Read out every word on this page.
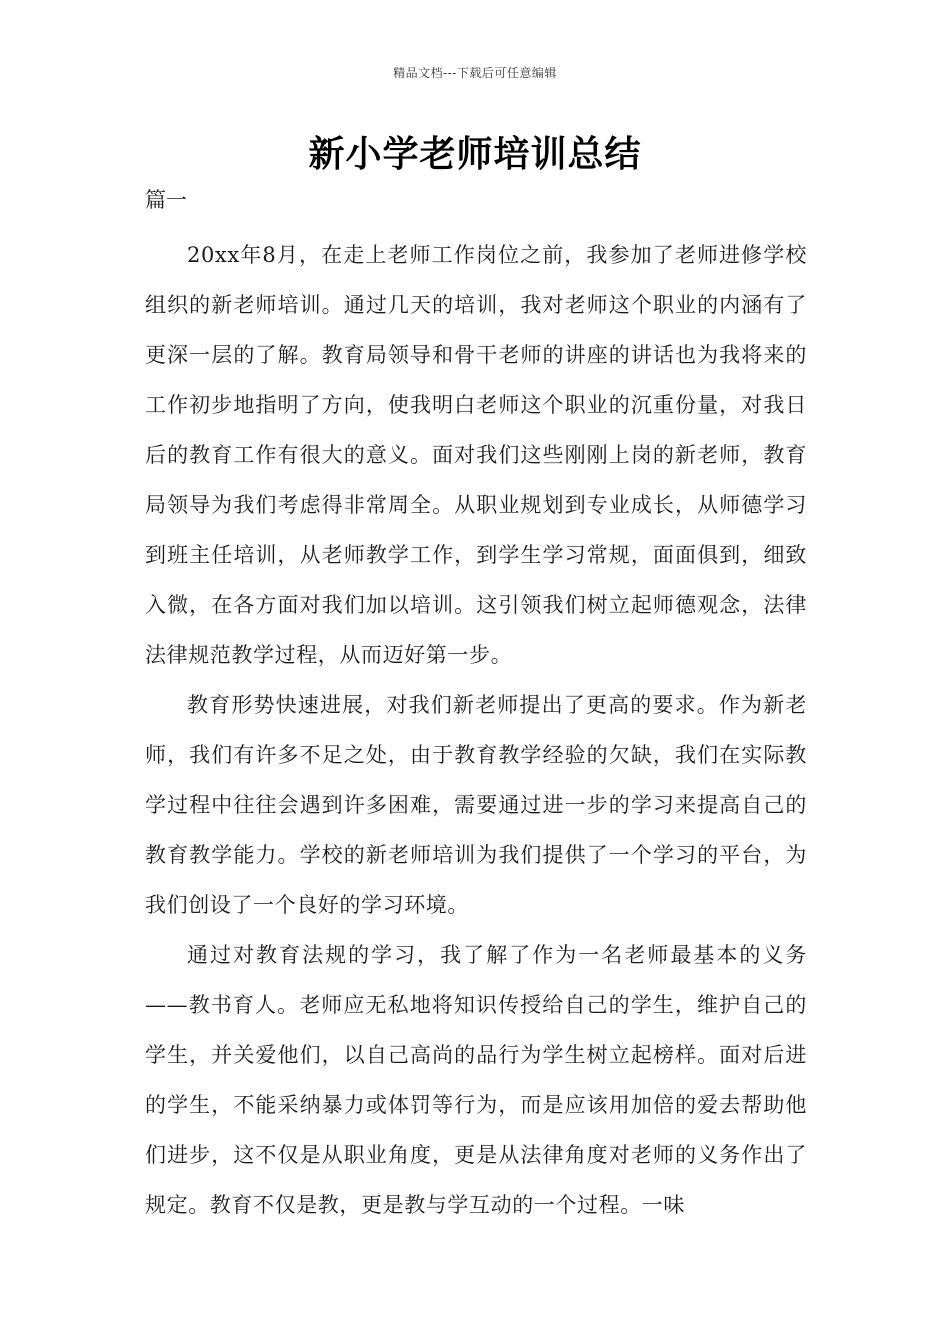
精品文档---下载后可任意编辑
新小学老师培训总结
篇一

20xx年8月，在走上老师工作岗位之前，我参加了老师进修学校组织的新老师培训。通过几天的培训，我对老师这个职业的内涵有了更深一层的了解。教育局领导和骨干老师的讲座的讲话也为我将来的工作初步地指明了方向，使我明白老师这个职业的沉重份量，对我日后的教育工作有很大的意义。面对我们这些刚刚上岗的新老师，教育局领导为我们考虑得非常周全。从职业规划到专业成长，从师德学习到班主任培训，从老师教学工作，到学生学习常规，面面俱到，细致入微，在各方面对我们加以培训。这引领我们树立起师德观念，法律法律规范教学过程，从而迈好第一步。

教育形势快速进展，对我们新老师提出了更高的要求。作为新老师，我们有许多不足之处，由于教育教学经验的欠缺，我们在实际教学过程中往往会遇到许多困难，需要通过进一步的学习来提高自己的教育教学能力。学校的新老师培训为我们提供了一个学习的平台，为我们创设了一个良好的学习环境。

通过对教育法规的学习，我了解了作为一名老师最基本的义务——教书育人。老师应无私地将知识传授给自己的学生，维护自己的学生，并关爱他们，以自己高尚的品行为学生树立起榜样。面对后进的学生，不能采纳暴力或体罚等行为，而是应该用加倍的爱去帮助他们进步，这不仅是从职业角度，更是从法律角度对老师的义务作出了规定。教育不仅是教，更是教与学互动的一个过程。一味
